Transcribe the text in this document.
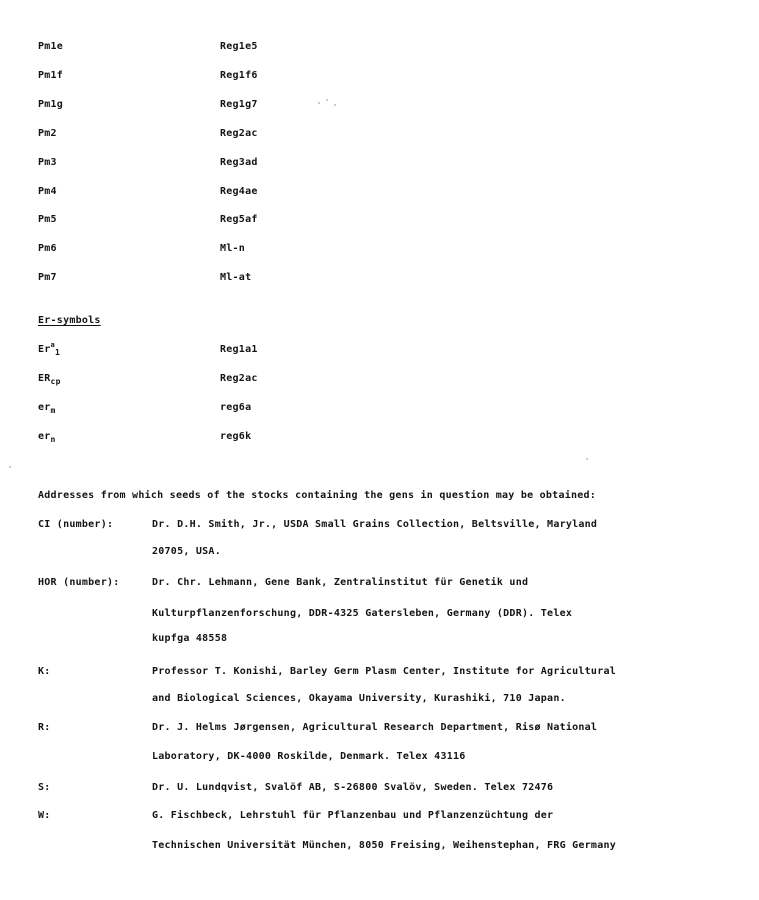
Pm1e	Reg1e5
Pm1f	Reg1f6
Pm1g	Reg1g7
Pm2	Reg2ac
Pm3	Reg3ad
Pm4	Reg4ae
Pm5	Reg5af
Pm6	Ml-n
Pm7	Ml-at
Er-symbols
$Er^a_1$	Reg1a1
$ER_{cp}$	Reg2ac
$er_m$	reg6a
$er_n$	reg6k
Addresses from which seeds of the stocks containing the gens in question may be obtained:
CI (number):	Dr. D.H. Smith, Jr., USDA Small Grains Collection, Beltsville, Maryland
20705, USA.
HOR (number):	Dr. Chr. Lehmann, Gene Bank, Zentralinstitut für Genetik und
Kulturpflanzenforschung, DDR-4325 Gatersleben, Germany (DDR). Telex
kupfga 48558
K:	Professor T. Konishi, Barley Germ Plasm Center, Institute for Agricultural
and Biological Sciences, Okayama University, Kurashiki, 710 Japan.
R:	Dr. J. Helms Jørgensen, Agricultural Research Department, Risø National
Laboratory, DK-4000 Roskilde, Denmark. Telex 43116
S:	Dr. U. Lundqvist, Svalöf AB, S-26800 Svalöv, Sweden. Telex 72476
W:	G. Fischbeck, Lehrstuhl für Pflanzenbau und Pflanzenzüchtung der
Technischen Universität München, 8050 Freising, Weihenstephan, FRG Germany
